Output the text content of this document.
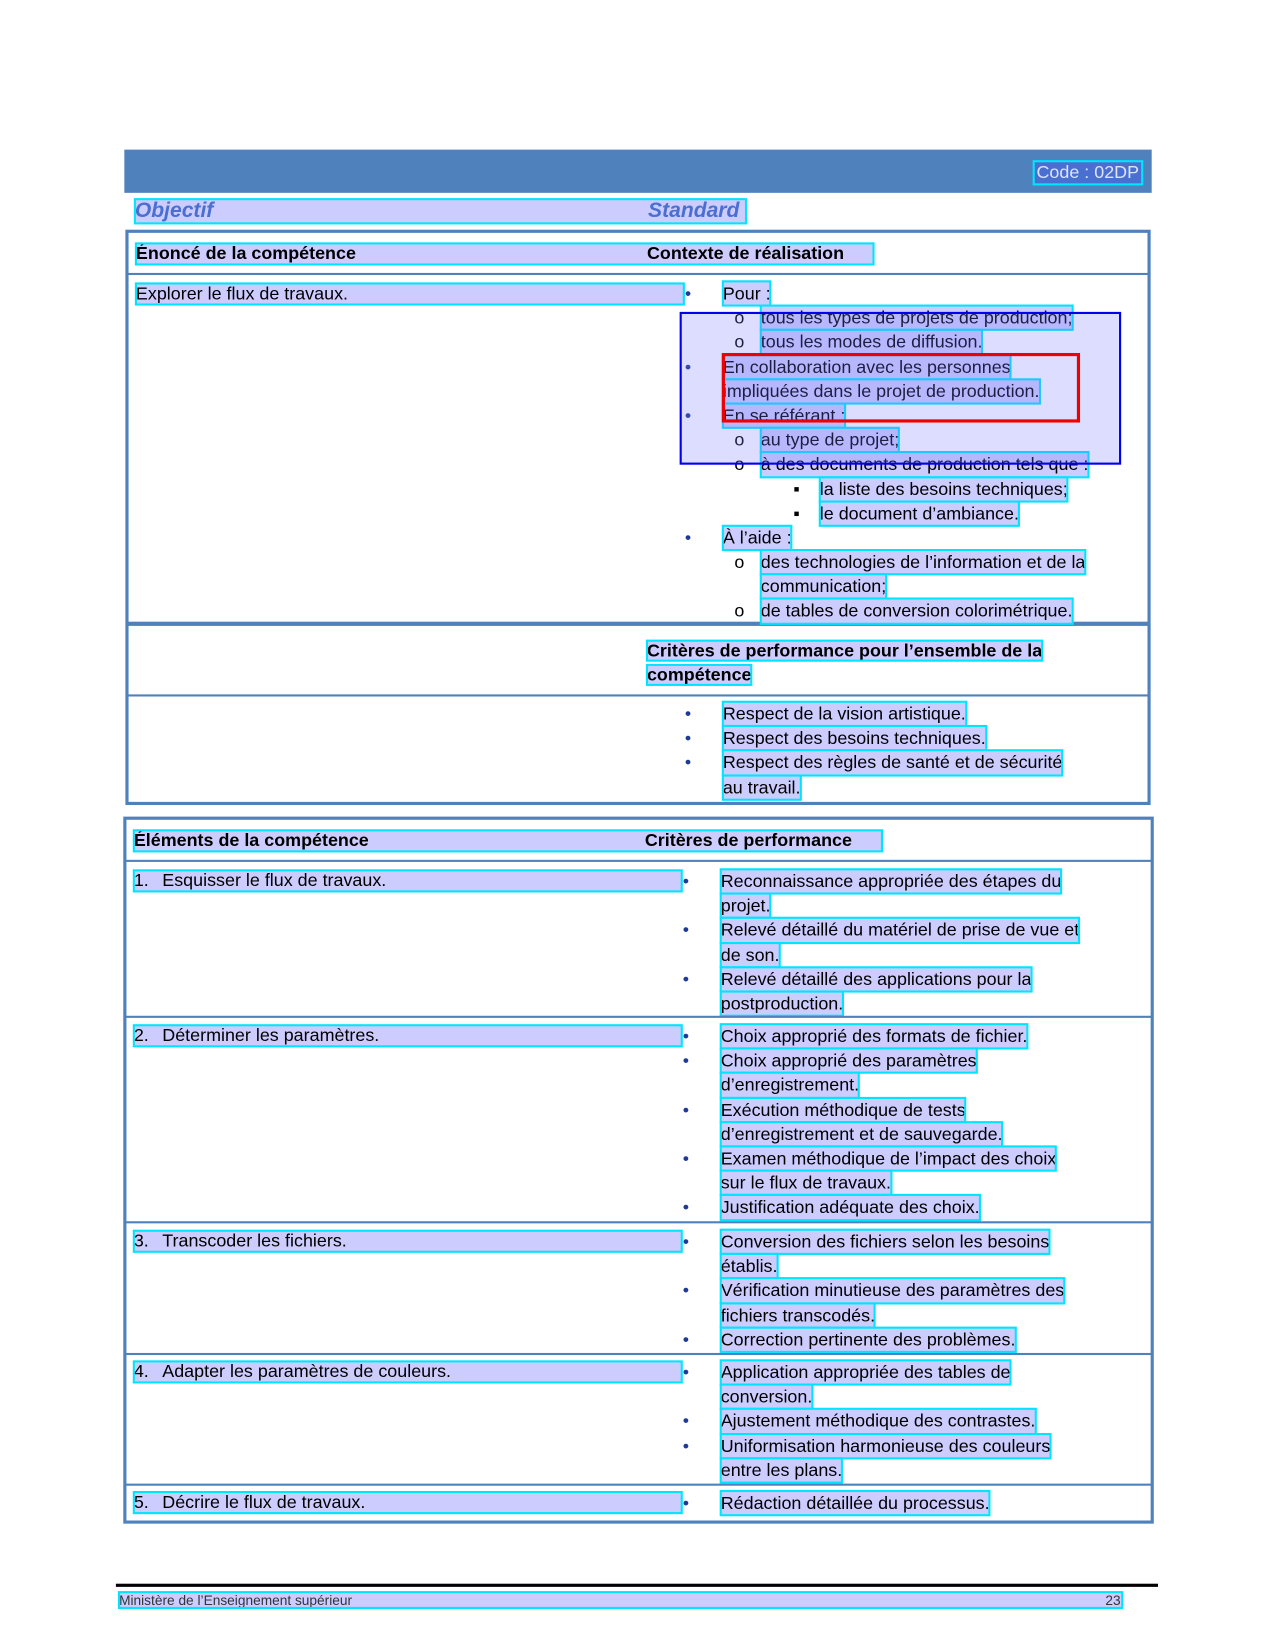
Code : 02DP
Objectif	Standard
Énoncé de la compétence	Contexte de réalisation
Explorer le flux de travaux.	• Pour :
o tous les types de projets de production;
o tous les modes de diffusion.
• En collaboration avec les personnes
impliquées dans le projet de production.
• En se référant :
o au type de projet;
o à des documents de production tels que :
▪ la liste des besoins techniques;
▪ le document d’ambiance.
• À l’aide :
o des technologies de l’information et de la
communication;
o de tables de conversion colorimétrique.
Critères de performance pour l’ensemble de la
compétence
• Respect de la vision artistique.
• Respect des besoins techniques.
• Respect des règles de santé et de sécurité
au travail.
Éléments de la compétence	Critères de performance
1. Esquisser le flux de travaux.	• Reconnaissance appropriée des étapes du
projet.
• Relevé détaillé du matériel de prise de vue et
de son.
• Relevé détaillé des applications pour la
postproduction.
2. Déterminer les paramètres.	• Choix approprié des formats de fichier.
• Choix approprié des paramètres
d’enregistrement.
• Exécution méthodique de tests
d’enregistrement et de sauvegarde.
• Examen méthodique de l’impact des choix
sur le flux de travaux.
• Justification adéquate des choix.
3. Transcoder les fichiers.	• Conversion des fichiers selon les besoins
établis.
• Vérification minutieuse des paramètres des
fichiers transcodés.
• Correction pertinente des problèmes.
4. Adapter les paramètres de couleurs.	• Application appropriée des tables de
conversion.
• Ajustement méthodique des contrastes.
• Uniformisation harmonieuse des couleurs
entre les plans.
5. Décrire le flux de travaux.	• Rédaction détaillée du processus.
Ministère de l’Enseignement supérieur	23
